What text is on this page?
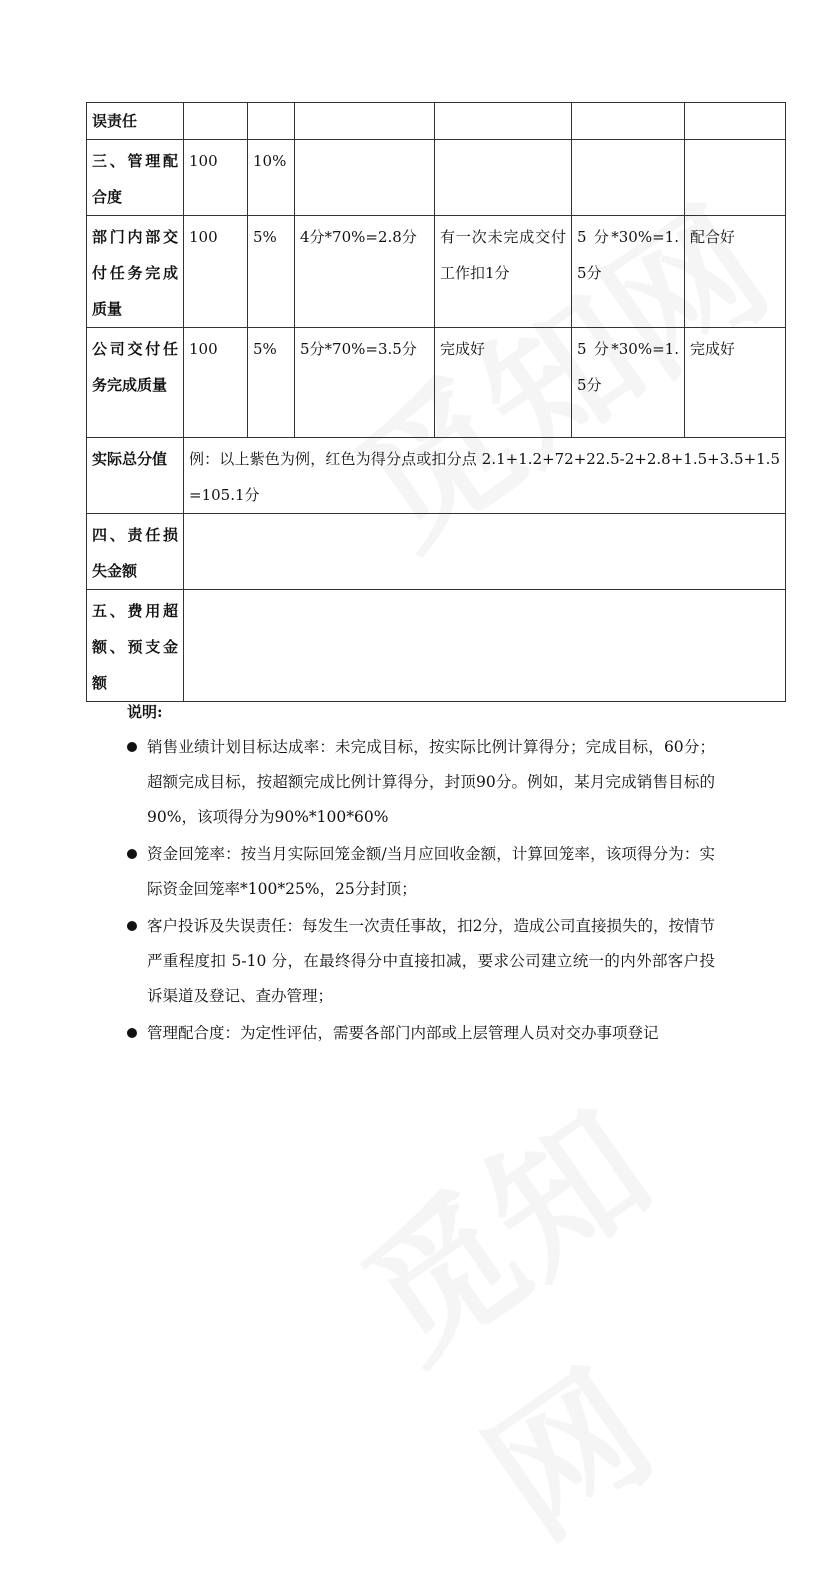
误责任						
三、管理配合度	100	10%				
部门内部交付任务完成质量	100	5%	4分*70%=2.8分	有一次未完成交付工作扣1分	5 分*30%=1.5分	配合好
公司交付任务完成质量	100	5%	5分*70%=3.5分	完成好	5 分*30%=1.5分	完成好
实际总分值	例：以上紫色为例，红色为得分点或扣分点 2.1+1.2+72+22.5-2+2.8+1.5+3.5+1.5=105.1分					
四、责任损失金额						
五、费用超额、预支金额						
说明:
销售业绩计划目标达成率：未完成目标，按实际比例计算得分；完成目标，60分；超额完成目标，按超额完成比例计算得分，封顶90分。例如，某月完成销售目标的90%，该项得分为90%*100*60%
资金回笼率：按当月实际回笼金额/当月应回收金额，计算回笼率，该项得分为：实际资金回笼率*100*25%，25分封顶；
客户投诉及失误责任：每发生一次责任事故，扣2分，造成公司直接损失的，按情节严重程度扣 5-10 分，在最终得分中直接扣减，要求公司建立统一的内外部客户投诉渠道及登记、查办管理；
管理配合度：为定性评估，需要各部门内部或上层管理人员对交办事项登记
